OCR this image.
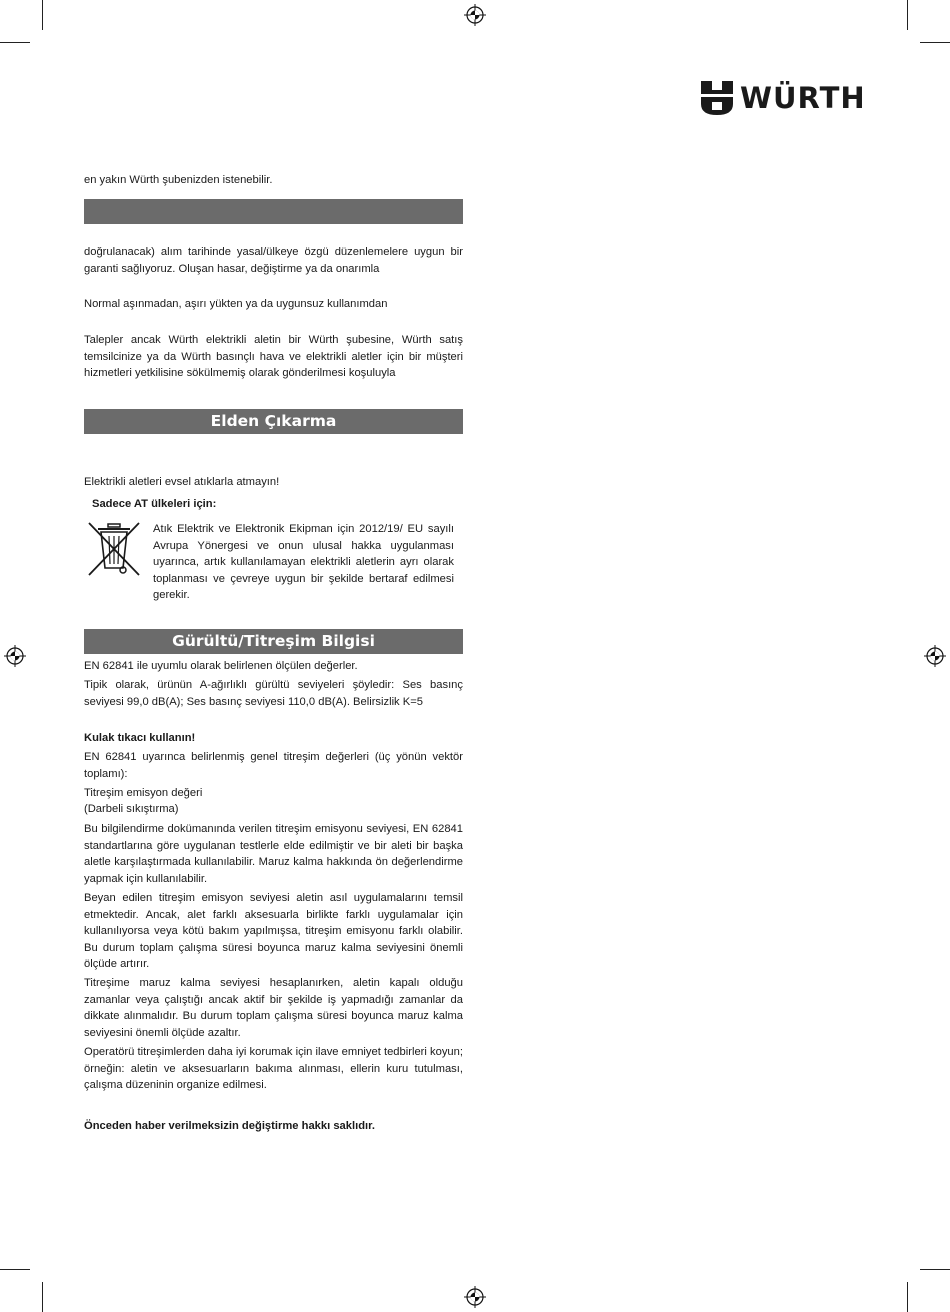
WÜRTH
en yakın Würth şubenizden istenebilir.
doğrulanacak) alım tarihinde yasal/ülkeye özgü düzenlemelere uygun bir garanti sağlıyoruz. Oluşan hasar, değiştirme ya da onarımla
Normal aşınmadan, aşırı yükten ya da uygunsuz kullanımdan
Talepler ancak Würth elektrikli aletin bir Würth şubesine, Würth satış temsilcinize ya da Würth basınçlı hava ve elektrikli aletler için bir müşteri hizmetleri yetkilisine sökülmemiş olarak gönderilmesi koşuluyla
Elden Çıkarma
Elektrikli aletleri evsel atıklarla atmayın!
Sadece AT ülkeleri için:
Atık Elektrik ve Elektronik Ekipman için 2012/19/ EU sayılı Avrupa Yönergesi ve onun ulusal hakka uygulanması uyarınca, artık kullanılamayan elektrikli aletlerin ayrı olarak toplanması ve çevreye uygun bir şekilde bertaraf edilmesi gerekir.
Gürültü/Titreşim Bilgisi
EN 62841 ile uyumlu olarak belirlenen ölçülen değerler.
Tipik olarak, ürünün A-ağırlıklı gürültü seviyeleri şöyledir: Ses basınç seviyesi 99,0 dB(A); Ses basınç seviyesi 110,0 dB(A). Belirsizlik K=5
Kulak tıkacı kullanın!
EN 62841 uyarınca belirlenmiş genel titreşim değerleri (üç yönün vektör toplamı):
Titreşim emisyon değeri
(Darbeli sıkıştırma)
Bu bilgilendirme dokümanında verilen titreşim emisyonu seviyesi, EN 62841 standartlarına göre uygulanan testlerle elde edilmiştir ve bir aleti bir başka aletle karşılaştırmada kullanılabilir. Maruz kalma hakkında ön değerlendirme yapmak için kullanılabilir.
Beyan edilen titreşim emisyon seviyesi aletin asıl uygulamalarını temsil etmektedir. Ancak, alet farklı aksesuarla birlikte farklı uygulamalar için kullanılıyorsa veya kötü bakım yapılmışsa, titreşim emisyonu farklı olabilir. Bu durum toplam çalışma süresi boyunca maruz kalma seviyesini önemli ölçüde artırır.
Titreşime maruz kalma seviyesi hesaplanırken, aletin kapalı olduğu zamanlar veya çalıştığı ancak aktif bir şekilde iş yapmadığı zamanlar da dikkate alınmalıdır. Bu durum toplam çalışma süresi boyunca maruz kalma seviyesini önemli ölçüde azaltır.
Operatörü titreşimlerden daha iyi korumak için ilave emniyet tedbirleri koyun; örneğin: aletin ve aksesuarların bakıma alınması, ellerin kuru tutulması, çalışma düzeninin organize edilmesi.
Önceden haber verilmeksizin değiştirme hakkı saklıdır.
